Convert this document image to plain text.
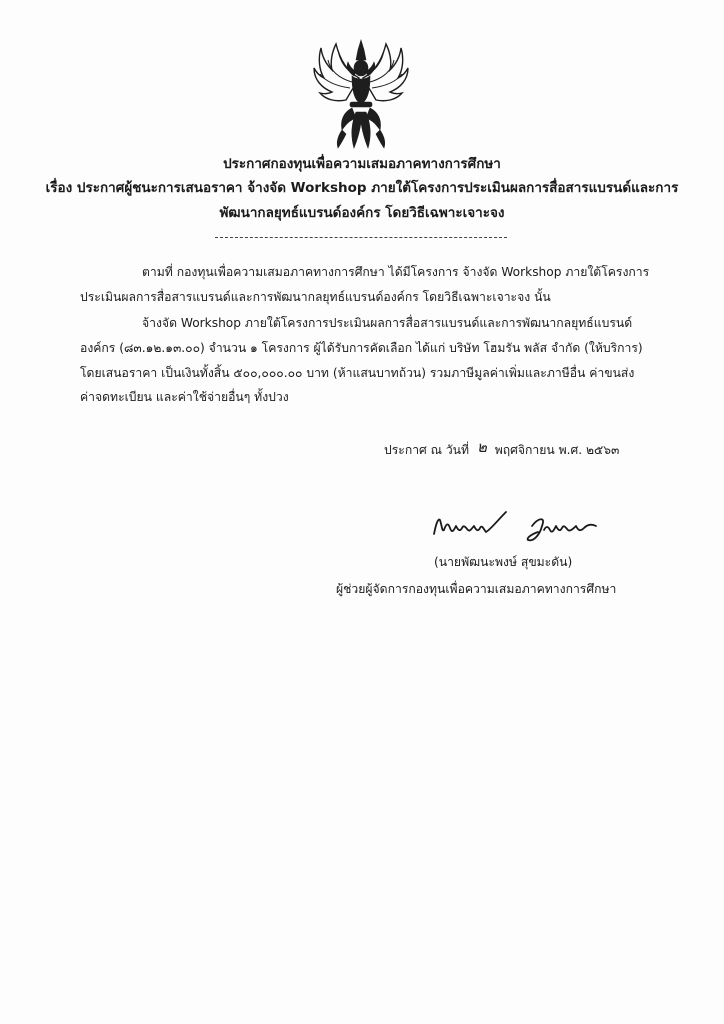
ประกาศกองทุนเพื่อความเสมอภาคทางการศึกษา
เรื่อง ประกาศผู้ชนะการเสนอราคา จ้างจัด Workshop ภายใต้โครงการประเมินผลการสื่อสารแบรนด์และการ
พัฒนากลยุทธ์แบรนด์องค์กร โดยวิธีเฉพาะเจาะจง
ตามที่ กองทุนเพื่อความเสมอภาคทางการศึกษา ได้มีโครงการ จ้างจัด Workshop ภายใต้โครงการ
ประเมินผลการสื่อสารแบรนด์และการพัฒนากลยุทธ์แบรนด์องค์กร โดยวิธีเฉพาะเจาะจง นั้น
จ้างจัด Workshop ภายใต้โครงการประเมินผลการสื่อสารแบรนด์และการพัฒนากลยุทธ์แบรนด์
องค์กร (๘๓.๑๒.๑๓.๐๐) จำนวน ๑ โครงการ ผู้ได้รับการคัดเลือก ได้แก่ บริษัท โฮมรัน พลัส จำกัด (ให้บริการ)
โดยเสนอราคา เป็นเงินทั้งสิ้น ๕๐๐,๐๐๐.๐๐ บาท (ห้าแสนบาทถ้วน) รวมภาษีมูลค่าเพิ่มและภาษีอื่น ค่าขนส่ง
ค่าจดทะเบียน และค่าใช้จ่ายอื่นๆ ทั้งปวง
ประกาศ ณ วันที่ ๒ พฤศจิกายน พ.ศ. ๒๕๖๓
(นายพัฒนะพงษ์ สุขมะดัน)
ผู้ช่วยผู้จัดการกองทุนเพื่อความเสมอภาคทางการศึกษา
